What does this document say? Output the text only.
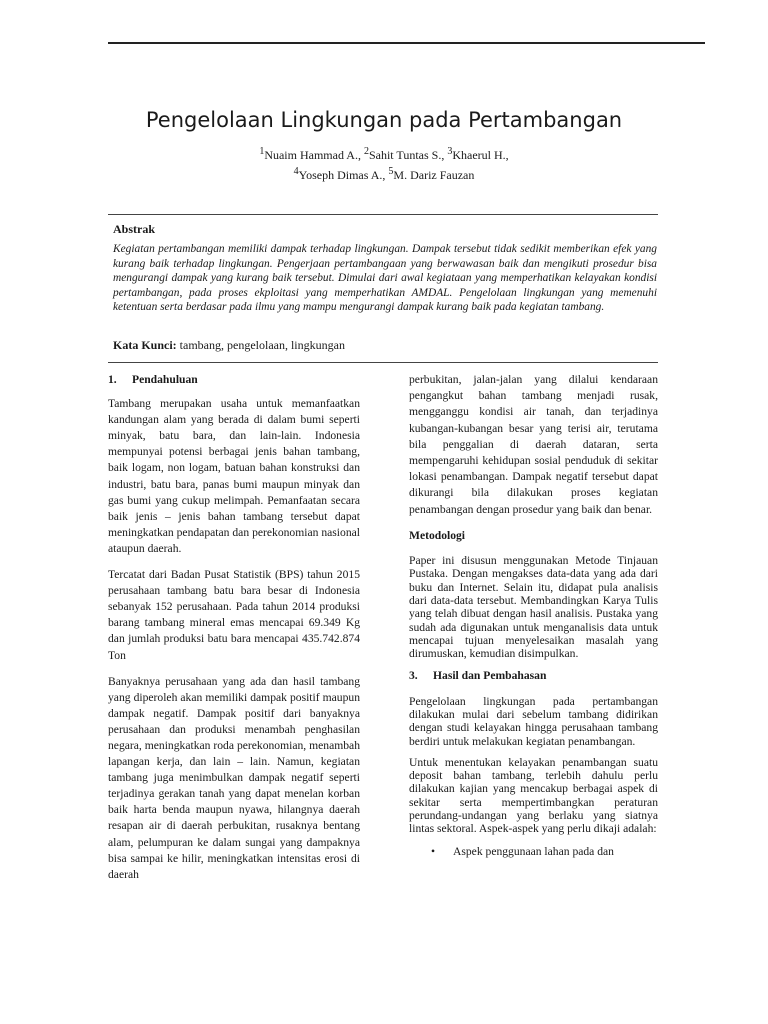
Pengelolaan Lingkungan pada Pertambangan
$^1$Nuaim Hammad A., $^2$Sahit Tuntas S., $^3$Khaerul H.,
$^4$Yoseph Dimas A., $^5$M. Dariz Fauzan
Abstrak
Kegiatan pertambangan memiliki dampak terhadap lingkungan. Dampak tersebut tidak sedikit memberikan efek yang kurang baik terhadap lingkungan. Pengerjaan pertambangaan yang berwawasan baik dan mengikuti prosedur bisa mengurangi dampak yang kurang baik tersebut. Dimulai dari awal kegiataan yang memperhatikan kelayakan kondisi pertambangan, pada proses ekploitasi yang memperhatikan AMDAL. Pengelolaan lingkungan yang memenuhi ketentuan serta berdasar pada ilmu yang mampu mengurangi dampak kurang baik pada kegiatan tambang.
Kata Kunci: tambang, pengelolaan, lingkungan

1. Pendahuluan

Tambang merupakan usaha untuk memanfaatkan kandungan alam yang berada di dalam bumi seperti minyak, batu bara, dan lain-lain. Indonesia mempunyai potensi berbagai jenis bahan tambang, baik logam, non logam, batuan bahan konstruksi dan industri, batu bara, panas bumi maupun minyak dan gas bumi yang cukup melimpah. Pemanfaatan secara baik jenis – jenis bahan tambang tersebut dapat meningkatkan pendapatan dan perekonomian nasional ataupun daerah.

Tercatat dari Badan Pusat Statistik (BPS) tahun 2015 perusahaan tambang batu bara besar di Indonesia sebanyak 152 perusahaan. Pada tahun 2014 produksi barang tambang mineral emas mencapai 69.349 Kg dan jumlah produksi batu bara mencapai 435.742.874 Ton

Banyaknya perusahaan yang ada dan hasil tambang yang diperoleh akan memiliki dampak positif maupun dampak negatif. Dampak positif dari banyaknya perusahaan dan produksi menambah penghasilan negara, meningkatkan roda perekonomian, menambah lapangan kerja, dan lain – lain. Namun, kegiatan tambang juga menimbulkan dampak negatif seperti terjadinya gerakan tanah yang dapat menelan korban baik harta benda maupun nyawa, hilangnya daerah resapan air di daerah perbukitan, rusaknya bentang alam, pelumpuran ke dalam sungai yang dampaknya bisa sampai ke hilir, meningkatkan intensitas erosi di daerah

perbukitan, jalan-jalan yang dilalui kendaraan pengangkut bahan tambang menjadi rusak, mengganggu kondisi air tanah, dan terjadinya kubangan-kubangan besar yang terisi air, terutama bila penggalian di daerah dataran, serta mempengaruhi kehidupan sosial penduduk di sekitar lokasi penambangan. Dampak negatif tersebut dapat dikurangi bila dilakukan proses kegiatan penambangan dengan prosedur yang baik dan benar.

Metodologi

Paper ini disusun menggunakan Metode Tinjauan Pustaka. Dengan mengakses data-data yang ada dari buku dan Internet. Selain itu, didapat pula analisis dari data-data tersebut. Membandingkan Karya Tulis yang telah dibuat dengan hasil analisis. Pustaka yang sudah ada digunakan untuk menganalisis data untuk mencapai tujuan menyelesaikan masalah yang dirumuskan, kemudian disimpulkan.

3. Hasil dan Pembahasan

Pengelolaan lingkungan pada pertambangan dilakukan mulai dari sebelum tambang didirikan dengan studi kelayakan hingga perusahaan tambang berdiri untuk melakukan kegiatan penambangan.

Untuk menentukan kelayakan penambangan suatu deposit bahan tambang, terlebih dahulu perlu dilakukan kajian yang mencakup berbagai aspek di sekitar serta mempertimbangkan peraturan perundang-undangan yang berlaku yang siatnya lintas sektoral. Aspek-aspek yang perlu dikaji adalah:

• Aspek penggunaan lahan pada dan
